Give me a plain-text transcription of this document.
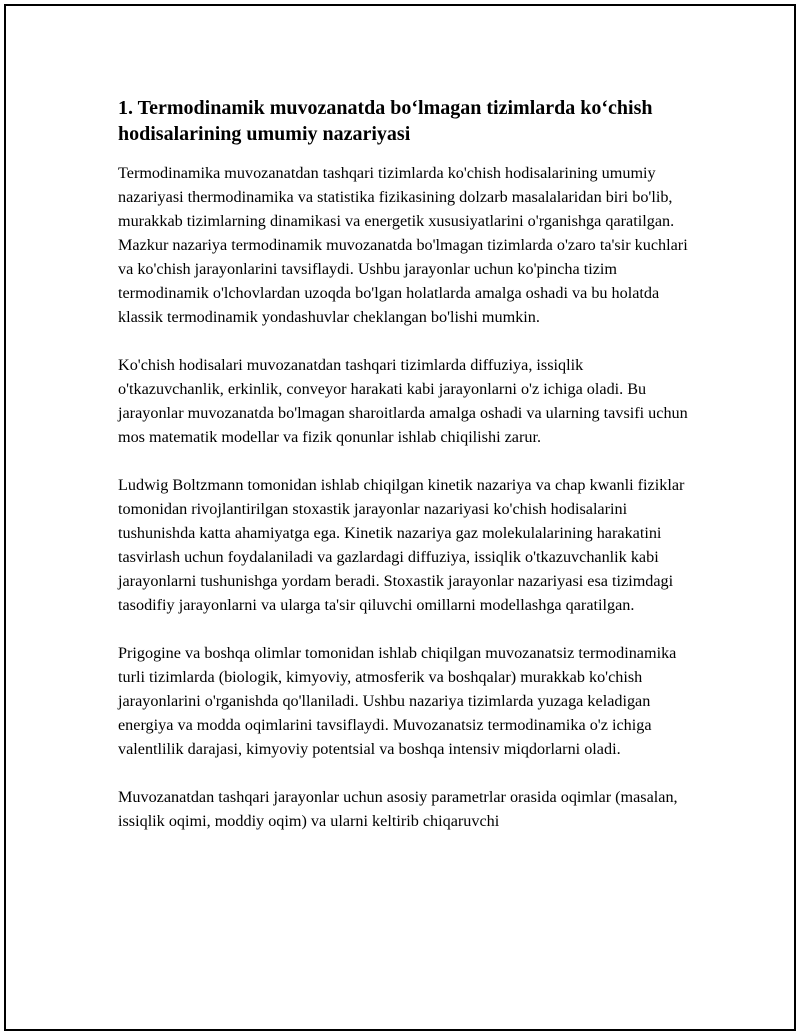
1. Termodinamik muvozanatda bo‘lmagan tizimlarda ko‘chish hodisalarining umumiy nazariyasi

Termodinamika muvozanatdan tashqari tizimlarda ko'chish hodisalarining umumiy nazariyasi thermodinamika va statistika fizikasining dolzarb masalalaridan biri bo'lib, murakkab tizimlarning dinamikasi va energetik xususiyatlarini o'rganishga qaratilgan. Mazkur nazariya termodinamik muvozanatda bo'lmagan tizimlarda o'zaro ta'sir kuchlari va ko'chish jarayonlarini tavsiflaydi. Ushbu jarayonlar uchun ko'pincha tizim termodinamik o'lchovlardan uzoqda bo'lgan holatlarda amalga oshadi va bu holatda klassik termodinamik yondashuvlar cheklangan bo'lishi mumkin.

Ko'chish hodisalari muvozanatdan tashqari tizimlarda diffuziya, issiqlik o'tkazuvchanlik, erkinlik, conveyor harakati kabi jarayonlarni o'z ichiga oladi. Bu jarayonlar muvozanatda bo'lmagan sharoitlarda amalga oshadi va ularning tavsifi uchun mos matematik modellar va fizik qonunlar ishlab chiqilishi zarur.

Ludwig Boltzmann tomonidan ishlab chiqilgan kinetik nazariya va chap kwanli fiziklar tomonidan rivojlantirilgan stoxastik jarayonlar nazariyasi ko'chish hodisalarini tushunishda katta ahamiyatga ega. Kinetik nazariya gaz molekulalarining harakatini tasvirlash uchun foydalaniladi va gazlardagi diffuziya, issiqlik o'tkazuvchanlik kabi jarayonlarni tushunishga yordam beradi. Stoxastik jarayonlar nazariyasi esa tizimdagi tasodifiy jarayonlarni va ularga ta'sir qiluvchi omillarni modellashga qaratilgan.

Prigogine va boshqa olimlar tomonidan ishlab chiqilgan muvozanatsiz termodinamika turli tizimlarda (biologik, kimyoviy, atmosferik va boshqalar) murakkab ko'chish jarayonlarini o'rganishda qo'llaniladi. Ushbu nazariya tizimlarda yuzaga keladigan energiya va modda oqimlarini tavsiflaydi. Muvozanatsiz termodinamika o'z ichiga valentlilik darajasi, kimyoviy potentsial va boshqa intensiv miqdorlarni oladi.

Muvozanatdan tashqari jarayonlar uchun asosiy parametrlar orasida oqimlar (masalan, issiqlik oqimi, moddiy oqim) va ularni keltirib chiqaruvchi
